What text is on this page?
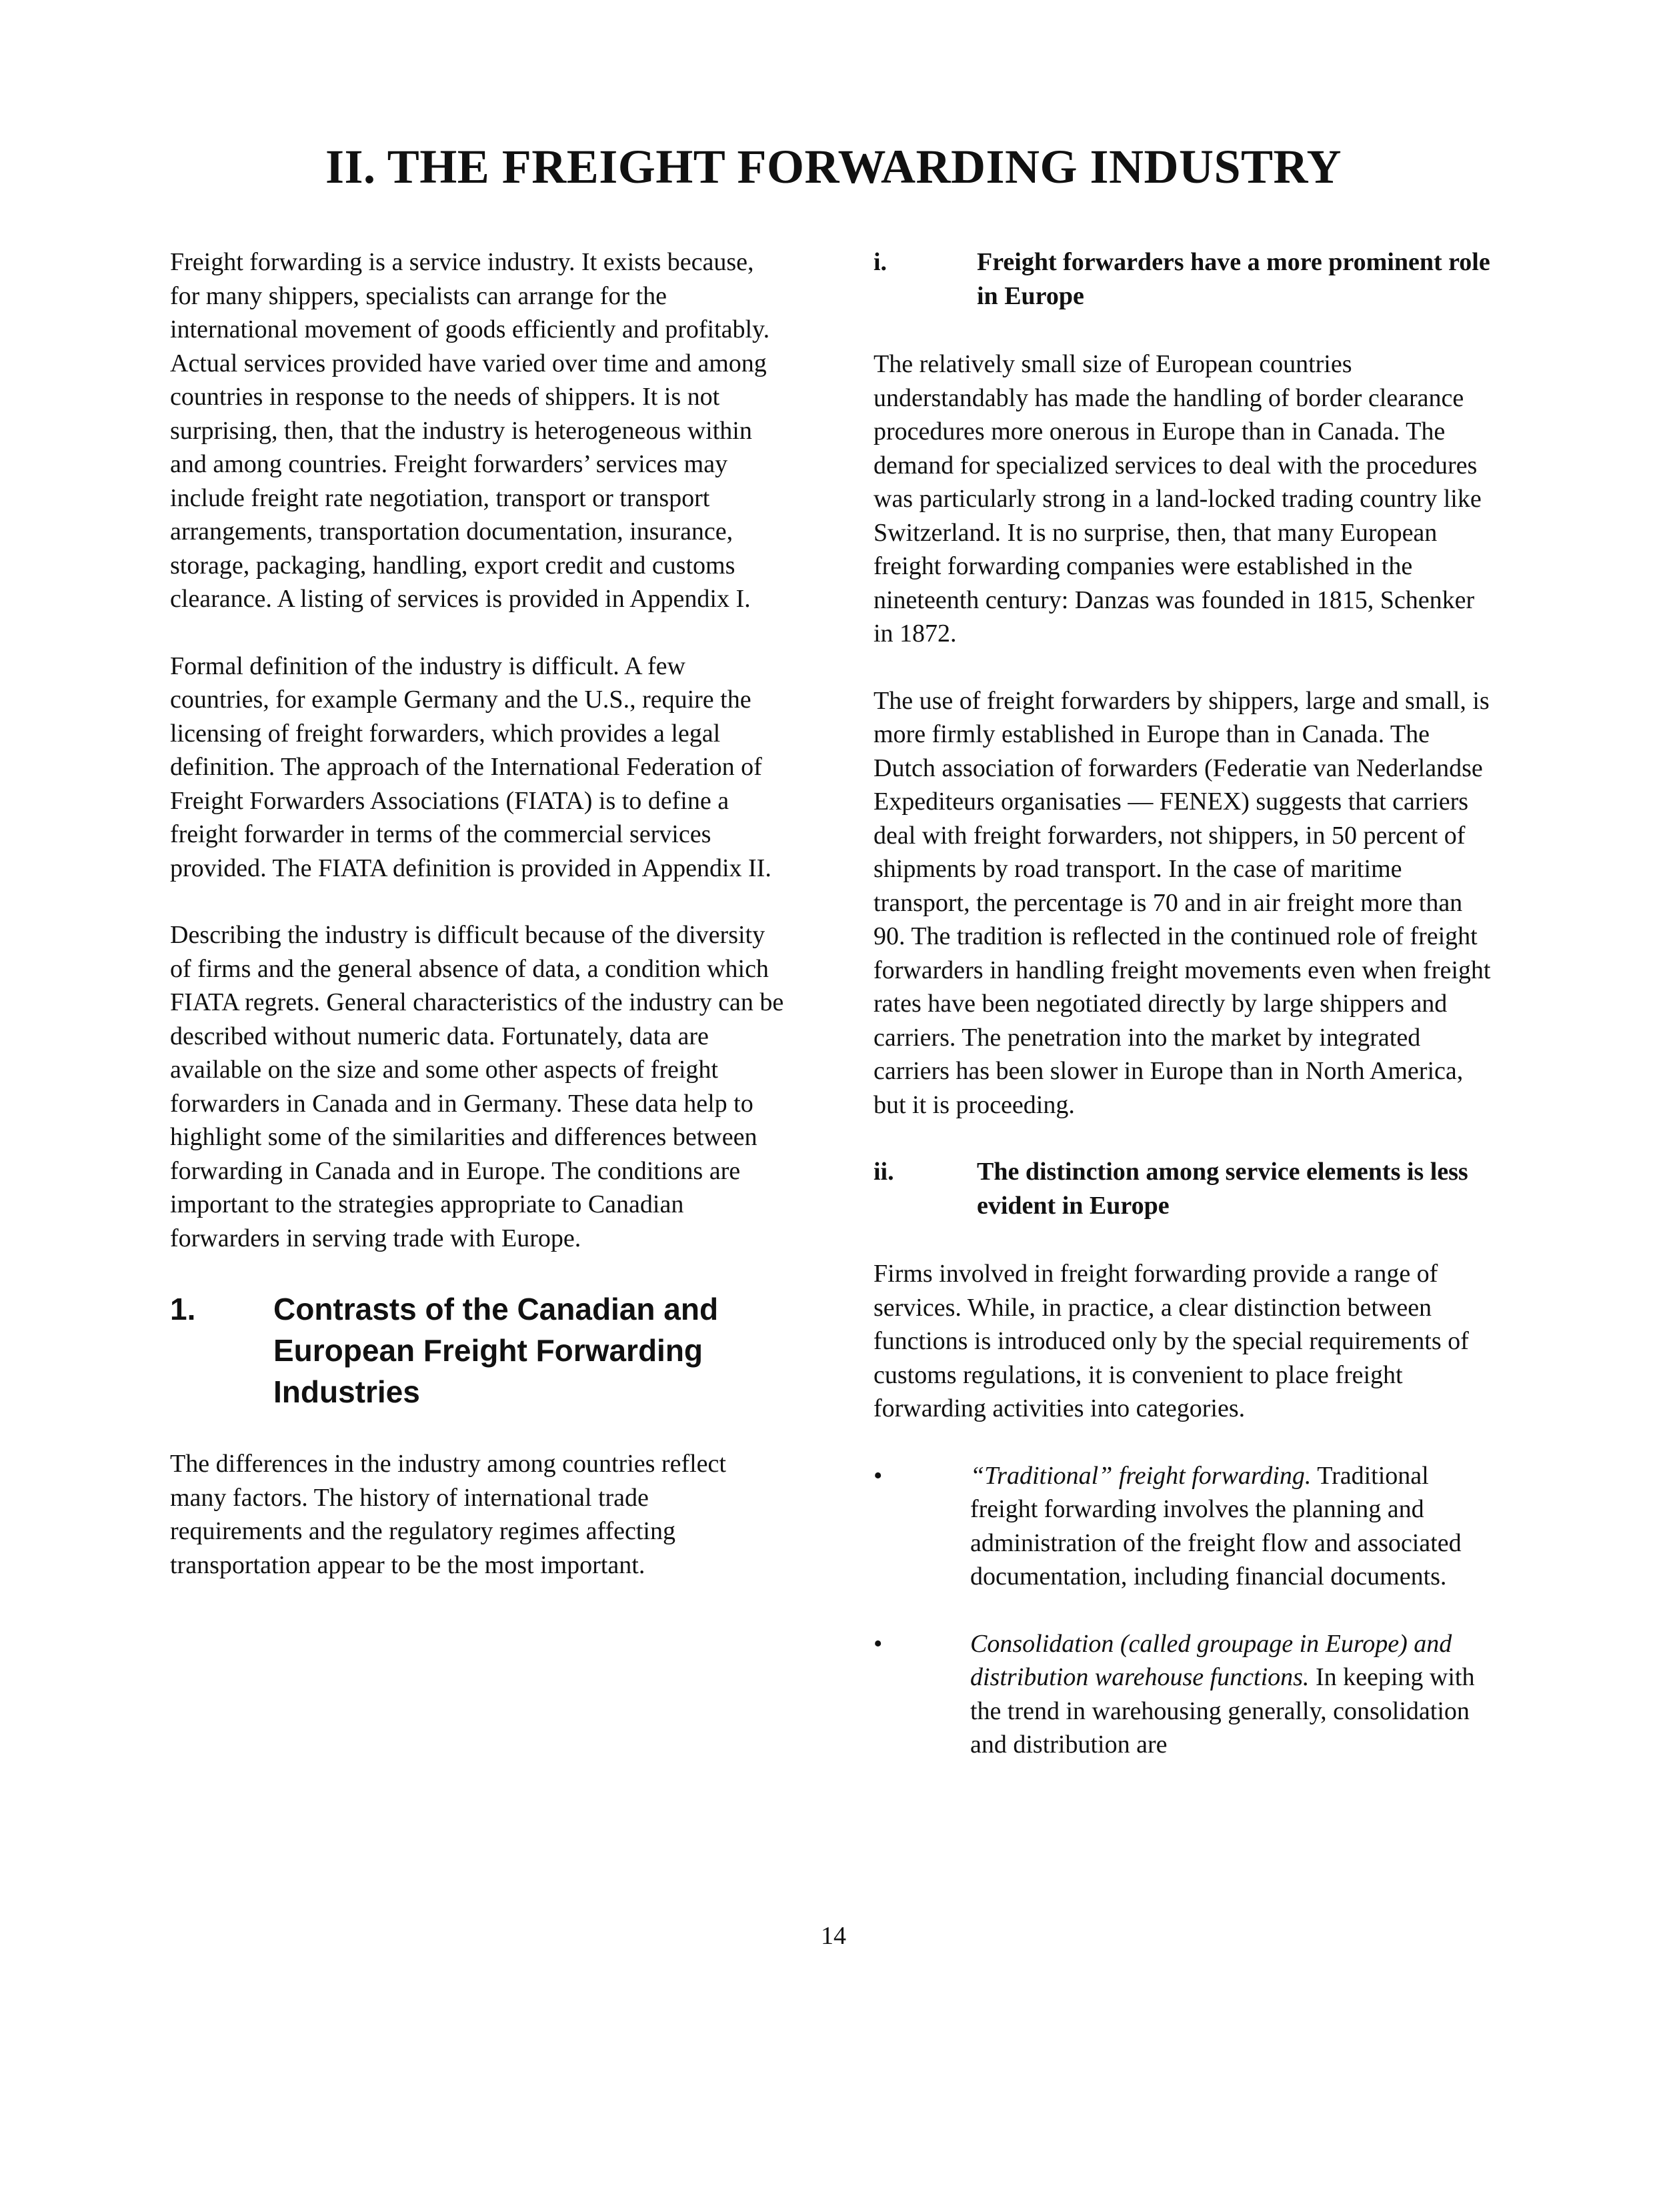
II. THE FREIGHT FORWARDING INDUSTRY

Freight forwarding is a service industry. It exists because, for many shippers, specialists can arrange for the international movement of goods efficiently and profitably. Actual services provided have varied over time and among countries in response to the needs of shippers. It is not surprising, then, that the industry is heterogeneous within and among countries. Freight forwarders’ services may include freight rate negotiation, transport or transport arrangements, transportation documentation, insurance, storage, packaging, handling, export credit and customs clearance. A listing of services is provided in Appendix I.

Formal definition of the industry is difficult. A few countries, for example Germany and the U.S., require the licensing of freight forwarders, which provides a legal definition. The approach of the International Federation of Freight Forwarders Associations (FIATA) is to define a freight forwarder in terms of the commercial services provided. The FIATA definition is provided in Appendix II.

Describing the industry is difficult because of the diversity of firms and the general absence of data, a condition which FIATA regrets. General characteristics of the industry can be described without numeric data. Fortunately, data are available on the size and some other aspects of freight forwarders in Canada and in Germany. These data help to highlight some of the similarities and differences between forwarding in Canada and in Europe. The conditions are important to the strategies appropriate to Canadian forwarders in serving trade with Europe.

1.	Contrasts of the Canadian and European Freight Forwarding Industries

The differences in the industry among countries reflect many factors. The history of international trade requirements and the regulatory regimes affecting transportation appear to be the most important.

i.	Freight forwarders have a more prominent role in Europe

The relatively small size of European countries understandably has made the handling of border clearance procedures more onerous in Europe than in Canada. The demand for specialized services to deal with the procedures was particularly strong in a land-locked trading country like Switzerland. It is no surprise, then, that many European freight forwarding companies were established in the nineteenth century: Danzas was founded in 1815, Schenker in 1872.

The use of freight forwarders by shippers, large and small, is more firmly established in Europe than in Canada. The Dutch association of forwarders (Federatie van Nederlandse Expediteurs organisaties — FENEX) suggests that carriers deal with freight forwarders, not shippers, in 50 percent of shipments by road transport. In the case of maritime transport, the percentage is 70 and in air freight more than 90. The tradition is reflected in the continued role of freight forwarders in handling freight movements even when freight rates have been negotiated directly by large shippers and carriers. The penetration into the market by integrated carriers has been slower in Europe than in North America, but it is proceeding.

ii.	The distinction among service elements is less evident in Europe

Firms involved in freight forwarding provide a range of services. While, in practice, a clear distinction between functions is introduced only by the special requirements of customs regulations, it is convenient to place freight forwarding activities into categories.

•	“Traditional” freight forwarding. Traditional freight forwarding involves the planning and administration of the freight flow and associated documentation, including financial documents.
•	Consolidation (called groupage in Europe) and distribution warehouse functions. In keeping with the trend in warehousing generally, consolidation and distribution are
14
